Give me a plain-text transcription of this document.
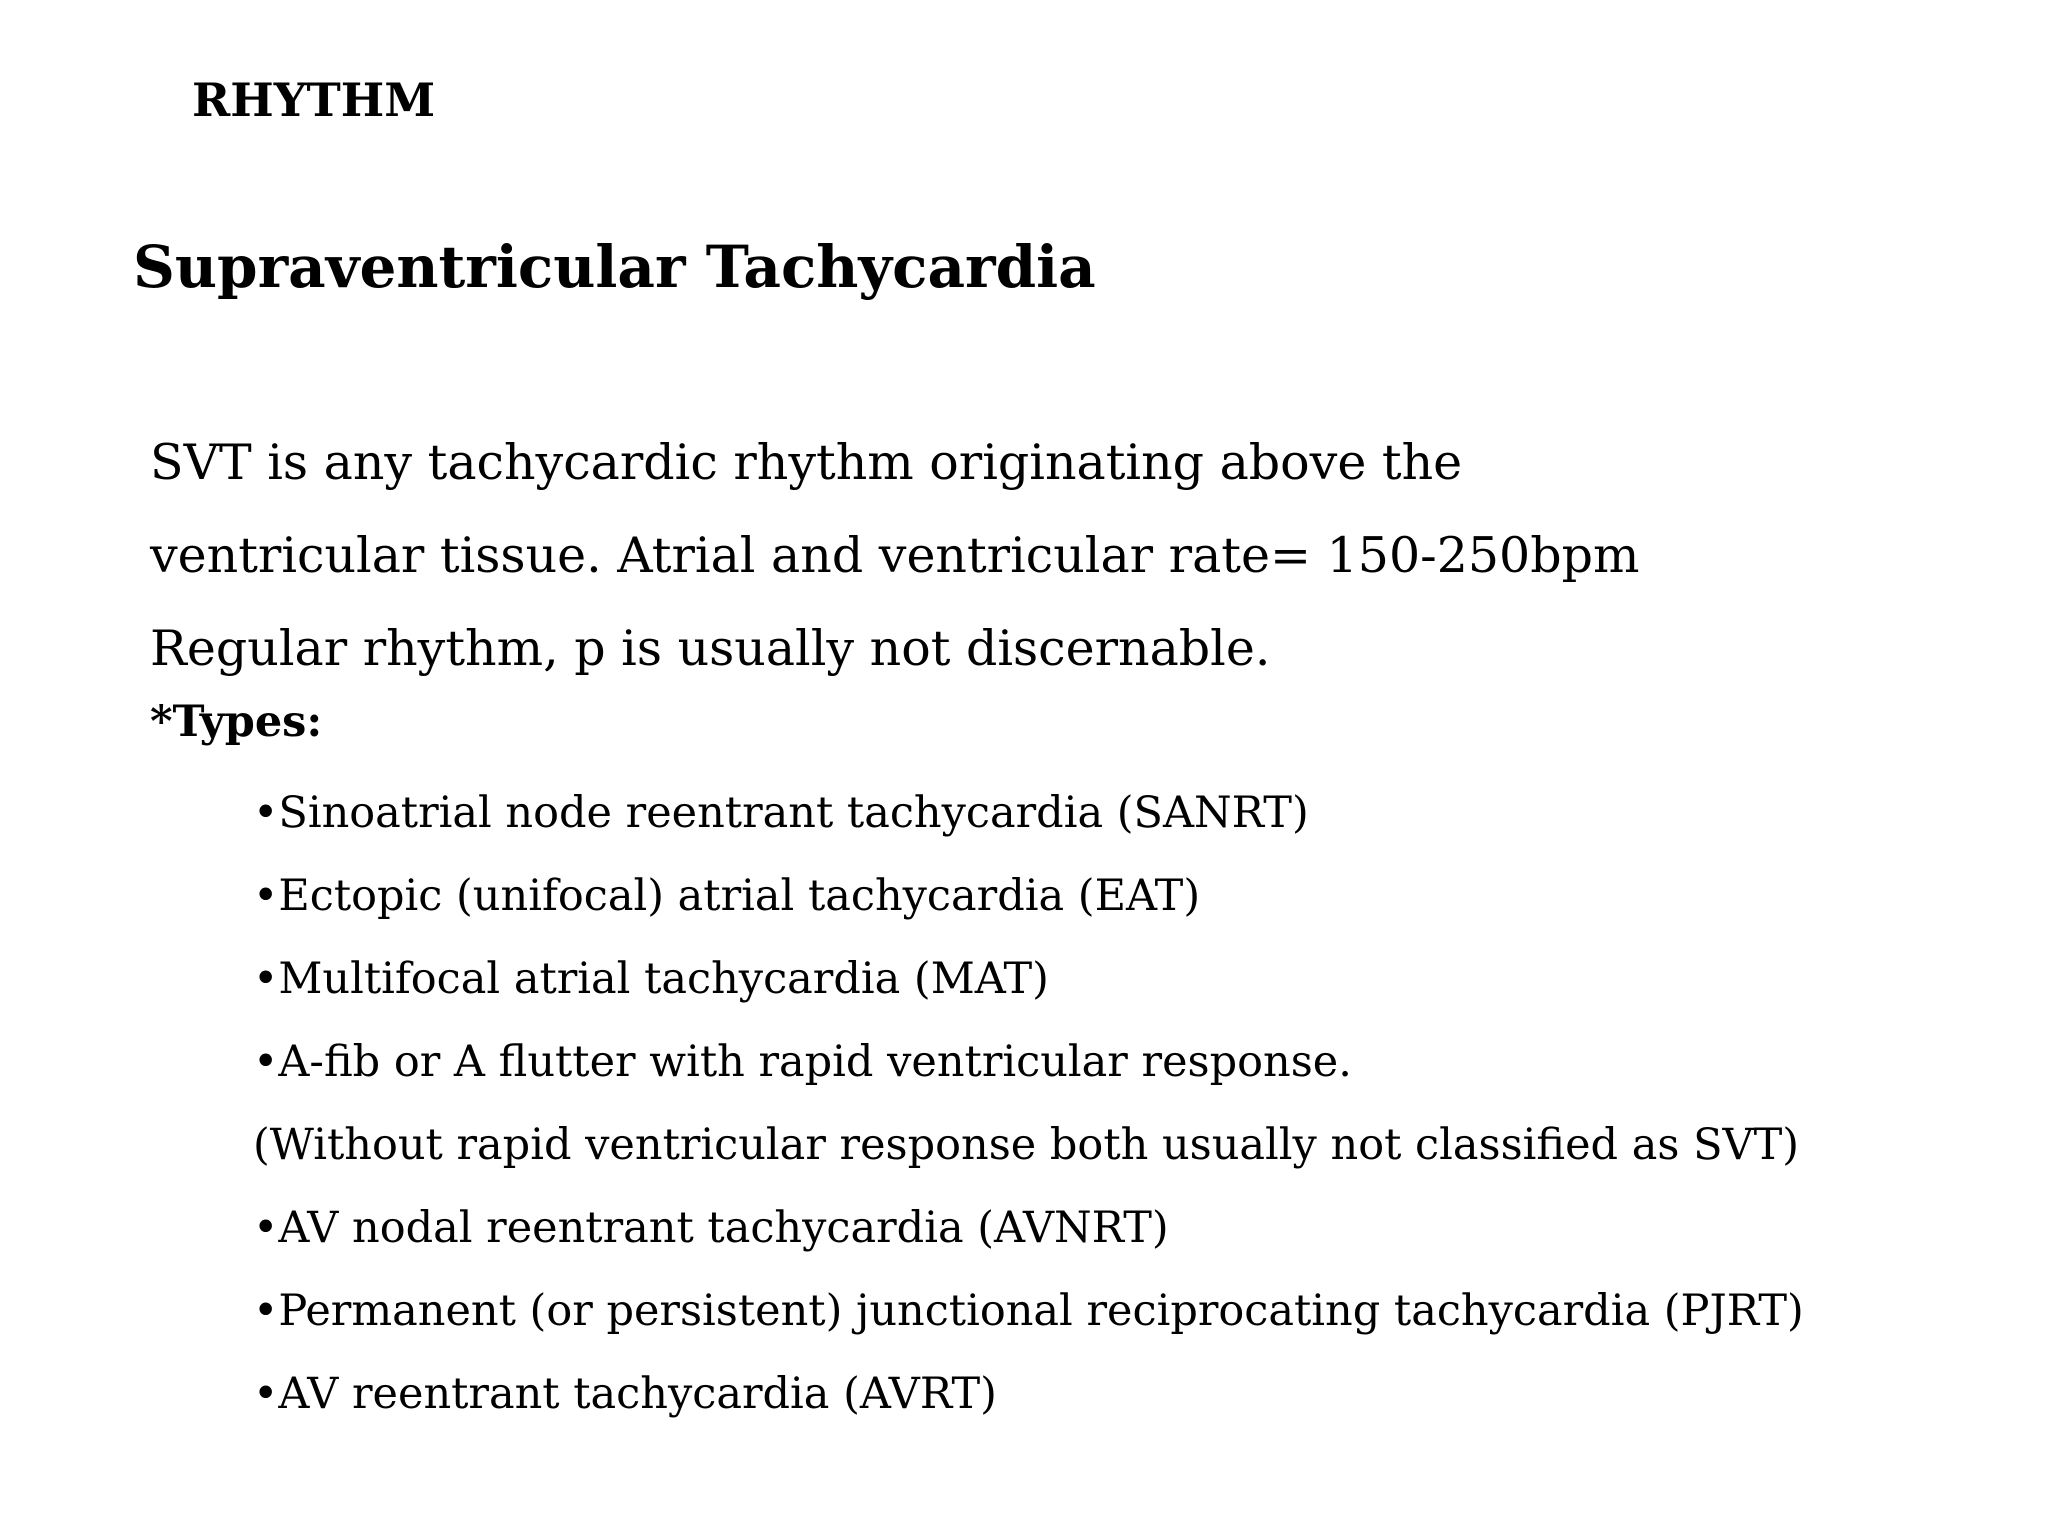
RHYTHM
Supraventricular Tachycardia
SVT is any tachycardic rhythm originating above the
ventricular tissue. Atrial and ventricular rate= 150-250bpm
Regular rhythm, p is usually not discernable.
*Types:
•Sinoatrial node reentrant tachycardia (SANRT)
•Ectopic (unifocal) atrial tachycardia (EAT)
•Multifocal atrial tachycardia (MAT)
•A-fib or A flutter with rapid ventricular response.
(Without rapid ventricular response both usually not classified as SVT)
•AV nodal reentrant tachycardia (AVNRT)
•Permanent (or persistent) junctional reciprocating tachycardia (PJRT)
•AV reentrant tachycardia (AVRT)
